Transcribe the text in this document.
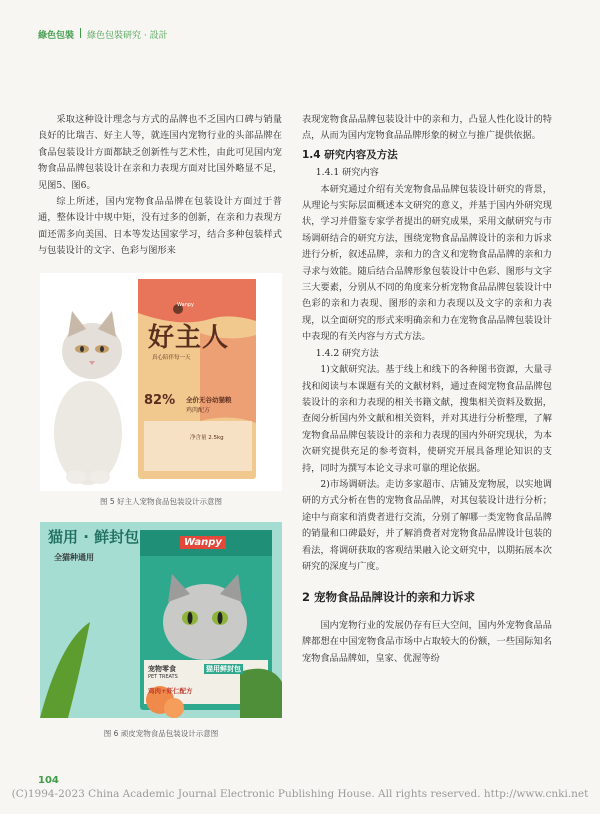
綠色包裝 綠色包裝研究 · 設計

采取这种设计理念与方式的品牌也不乏国内口碑与销量良好的比瑞吉、好主人等，就连国内宠物行业的头部品牌在食品包装设计方面都缺乏创新性与艺术性，由此可见国内宠物食品品牌包装设计在亲和力表现方面对比国外略显不足，见图5、图6。

综上所述，国内宠物食品品牌在包装设计方面过于普通，整体设计中规中矩，没有过多的创新，在亲和力表现方面还需多向美国、日本等发达国家学习，结合多种包装样式与包装设计的文字、色彩与图形来

Wanpy
好主人
真心陪伴每一天
82% 全价无谷幼猫粮
鸡肉配方
净含量 2.5kg
图 5 好主人宠物食品包装设计示意图
猫用 · 鲜封包
全猫种通用
Wanpy
宠物零食
PET TREATS
猫用鲜封包
鸡肉+虾仁配方
图 6 顽皮宠物食品包装设计示意图

表现宠物食品品牌包装设计中的亲和力，凸显人性化设计的特点，从而为国内宠物食品品牌形象的树立与推广提供依据。

1.4 研究内容及方法
1.4.1 研究内容

本研究通过介绍有关宠物食品品牌包装设计研究的背景，从理论与实际层面概述本文研究的意义，并基于国内外研究现状，学习并借鉴专家学者提出的研究成果，采用文献研究与市场调研结合的研究方法，围绕宠物食品品牌设计的亲和力诉求进行分析，叙述品牌，亲和力的含义和宠物食品品牌的亲和力寻求与效能。随后结合品牌形象包装设计中色彩、图形与文字三大要素，分别从不同的角度来分析宠物食品品牌包装设计中色彩的亲和力表现、图形的亲和力表现以及文字的亲和力表现，以全面研究的形式来明确亲和力在宠物食品品牌包装设计中表现的有关内容与方式方法。

1.4.2 研究方法

1)文献研究法。基于线上和线下的各种图书资源，大量寻找和阅读与本课题有关的文献材料，通过查阅宠物食品品牌包装设计的亲和力表现的相关书籍文献，搜集相关资料及数据，查阅分析国内外文献和相关资料，并对其进行分析整理，了解宠物食品品牌包装设计的亲和力表现的国内外研究现状，为本次研究提供充足的参考资料，使研究开展具备理论知识的支持，同时为撰写本论文寻求可靠的理论依据。

2)市场调研法。走访多家超市、店铺及宠物展，以实地调研的方式分析在售的宠物食品品牌，对其包装设计进行分析；途中与商家和消费者进行交流，分别了解哪一类宠物食品品牌的销量和口碑最好，并了解消费者对宠物食品品牌设计包装的看法，将调研获取的客观结果融入论文研究中，以期拓展本次研究的深度与广度。

2 宠物食品品牌设计的亲和力诉求

国内宠物行业的发展仍存有巨大空间，国内外宠物食品品牌都想在中国宠物食品市场中占取较大的份额，一些国际知名宠物食品品牌如，皇家、优渥等纷

104
(C)1994-2023 China Academic Journal Electronic Publishing House. All rights reserved. http://www.cnki.net
